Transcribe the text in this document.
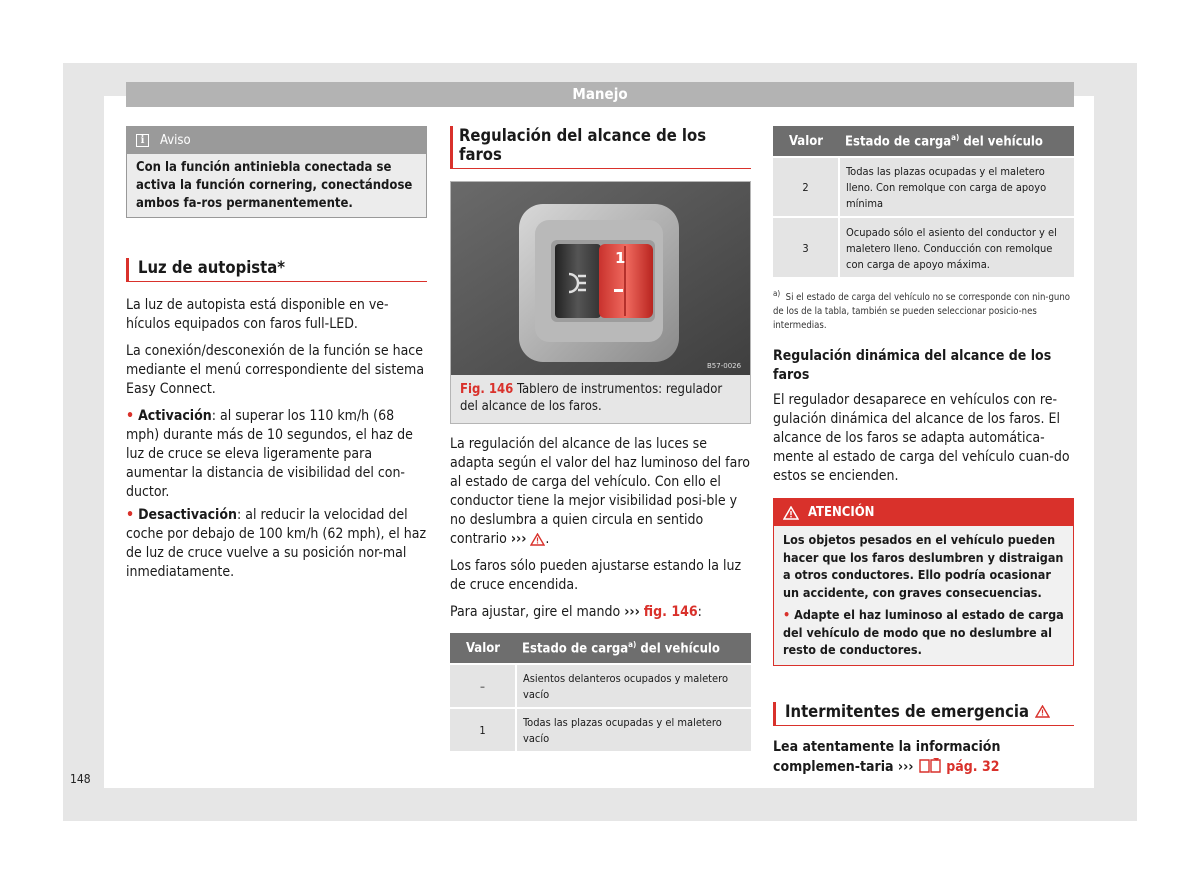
Manejo
i	Aviso
Con la función antiniebla conectada se activa la función cornering, conectándose ambos fa-ros permanentemente.
Luz de autopista*

La luz de autopista está disponible en ve-hículos equipados con faros full-LED.

La conexión/desconexión de la función se hace mediante el menú correspondiente del sistema Easy Connect.

• Activación: al superar los 110 km/h (68 mph) durante más de 10 segundos, el haz de luz de cruce se eleva ligeramente para aumentar la distancia de visibilidad del con-ductor.

• Desactivación: al reducir la velocidad del coche por debajo de 100 km/h (62 mph), el haz de luz de cruce vuelve a su posición nor-mal inmediatamente.

Regulación del alcance de los faros
1
B57-0026
Fig. 146 Tablero de instrumentos: regulador del alcance de los faros.

La regulación del alcance de las luces se adapta según el valor del haz luminoso del faro al estado de carga del vehículo. Con ello el conductor tiene la mejor visibilidad posi-ble y no deslumbra a quien circula en sentido contrario ››› .

Los faros sólo pueden ajustarse estando la luz de cruce encendida.

Para ajustar, gire el mando ››› fig. 146:

Valor	Estado de carga$^{a)}$ del vehículo
–	Asientos delanteros ocupados y maletero vacío
1	Todas las plazas ocupadas y el maletero vacío
Valor	Estado de carga$^{a)}$ del vehículo
2	Todas las plazas ocupadas y el maletero lleno. Con remolque con carga de apoyo mínima
3	Ocupado sólo el asiento del conductor y el maletero lleno. Conducción con remolque con carga de apoyo máxima.

$^{a)}$ Si el estado de carga del vehículo no se corresponde con nin-guno de los de la tabla, también se pueden seleccionar posicio-nes intermedias.

Regulación dinámica del alcance de los faros

El regulador desaparece en vehículos con re-gulación dinámica del alcance de los faros. El alcance de los faros se adapta automática-mente al estado de carga del vehículo cuan-do estos se encienden.

ATENCIÓN
Los objetos pesados en el vehículo pueden hacer que los faros deslumbren y distraigan a otros conductores. Ello podría ocasionar un accidente, con graves consecuencias.
• Adapte el haz luminoso al estado de carga del vehículo de modo que no deslumbre al resto de conductores.
Intermitentes de emergencia

Lea atentamente la información complemen-taria ››› pág. 32

148
